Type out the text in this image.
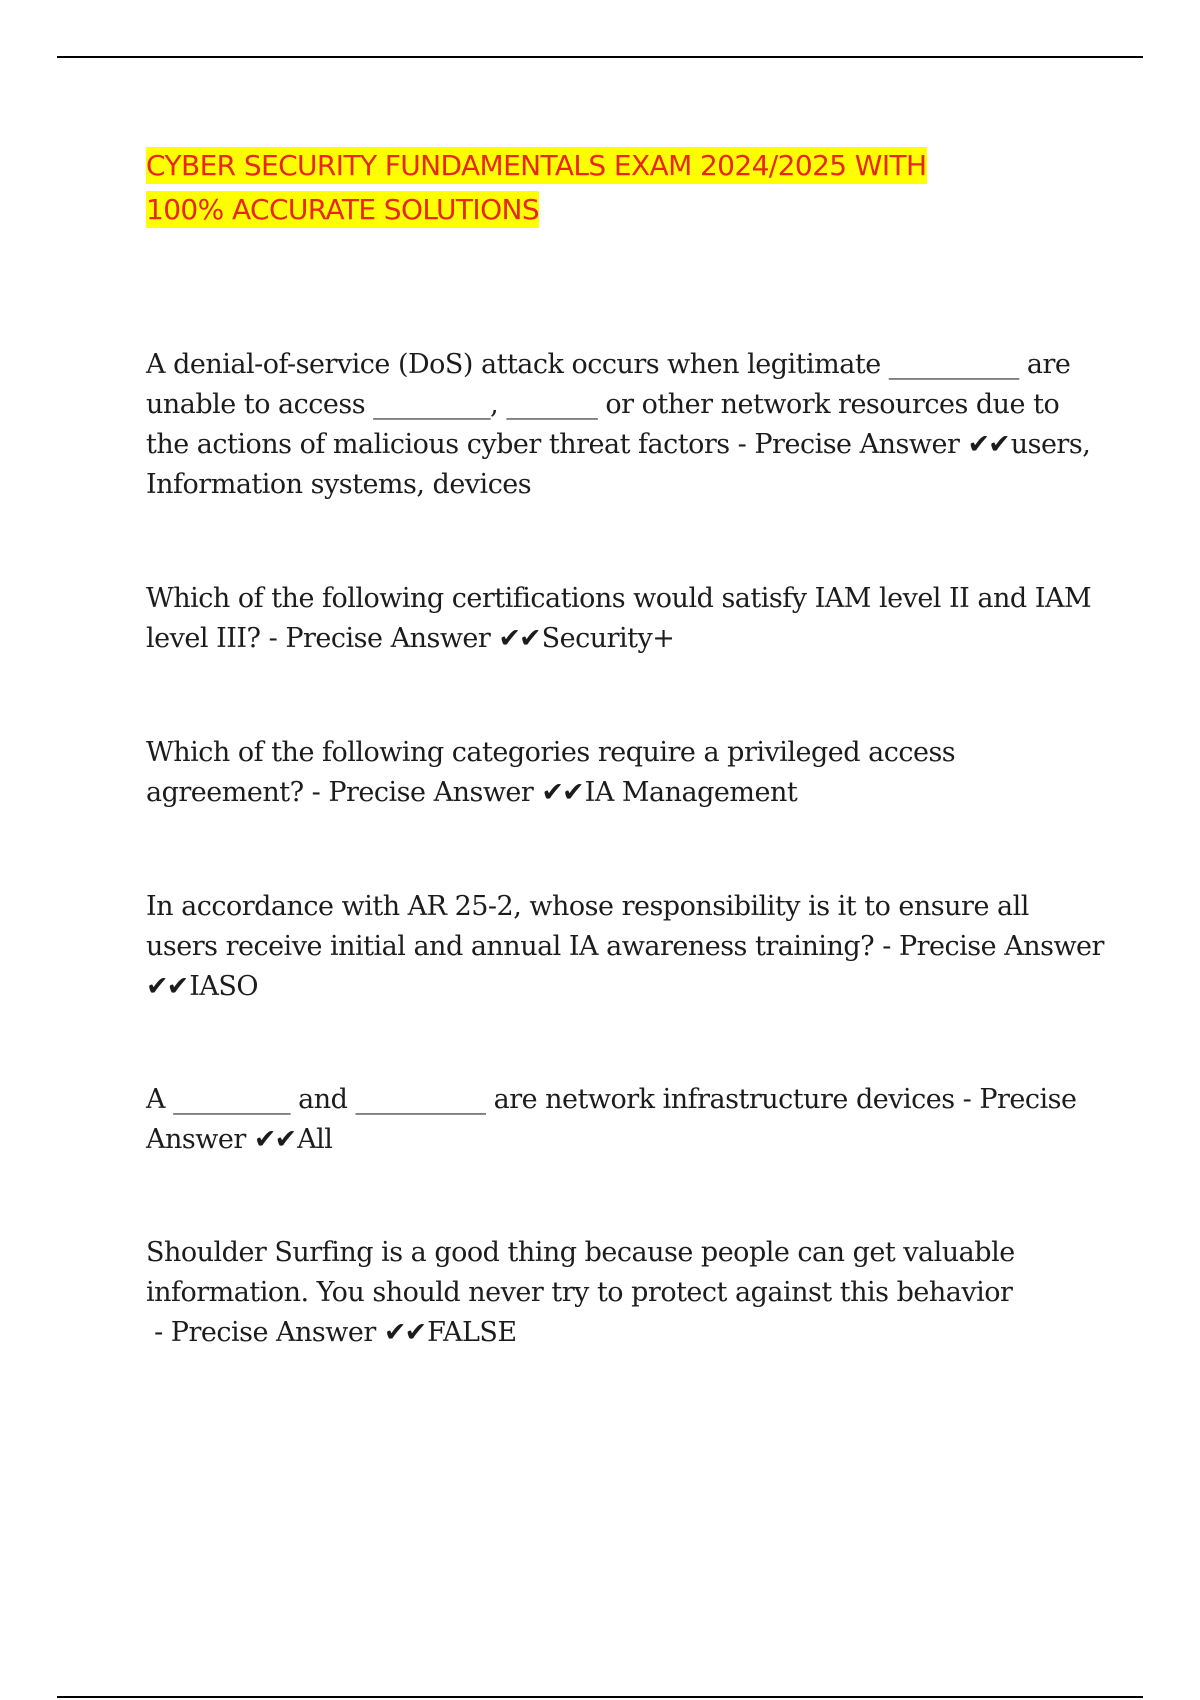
CYBER SECURITY FUNDAMENTALS EXAM 2024/2025 WITH
100% ACCURATE SOLUTIONS

A denial-of-service (DoS) attack occurs when legitimate __________ are unable to access _________, _______ or other network resources due to the actions of malicious cyber threat factors - Precise Answer ✔✔users, Information systems, devices

Which of the following certifications would satisfy IAM level II and IAM level III? - Precise Answer ✔✔Security+

Which of the following categories require a privileged access agreement? - Precise Answer ✔✔IA Management

In accordance with AR 25-2, whose responsibility is it to ensure all users receive initial and annual IA awareness training? - Precise Answer ✔✔IASO

A _________ and __________ are network infrastructure devices - Precise Answer ✔✔All

Shoulder Surfing is a good thing because people can get valuable information. You should never try to protect against this behavior - Precise Answer ✔✔FALSE
